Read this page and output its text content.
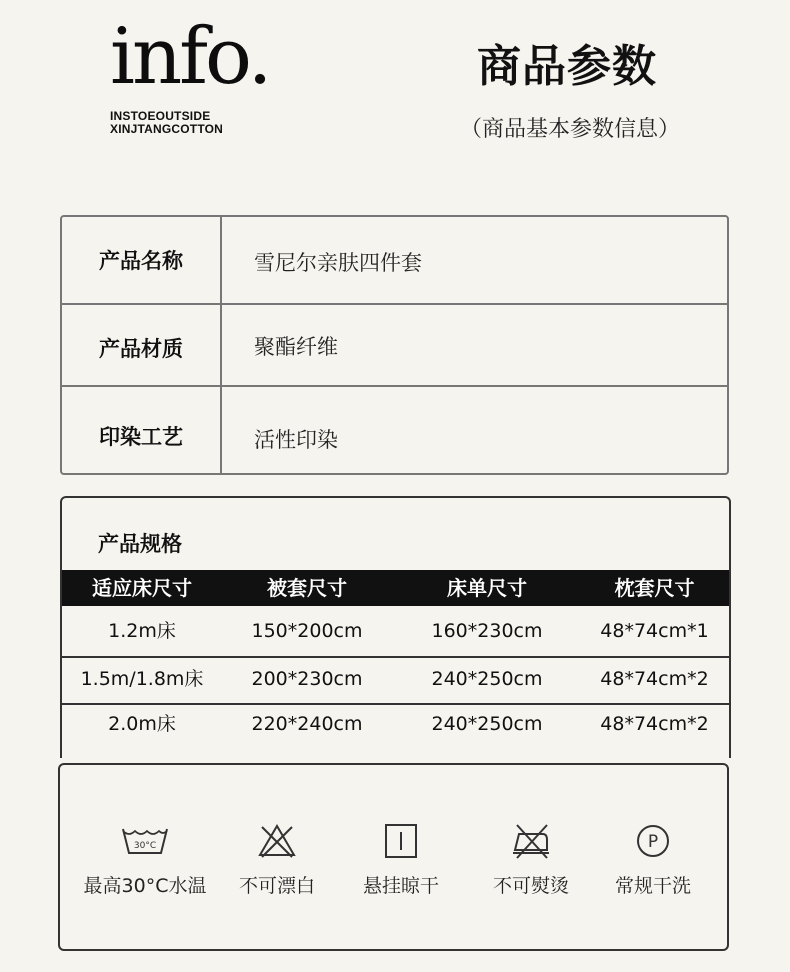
info.
INSTOEOUTSIDE
XINJTANGCOTTON
商品参数
（商品基本参数信息）
产品名称	雪尼尔亲肤四件套
产品材质	聚酯纤维
印染工艺	活性印染
产品规格
适应床尺寸	被套尺寸	床单尺寸	枕套尺寸
1.2m床	150*200cm	160*230cm	48*74cm*1
1.5m/1.8m床	200*230cm	240*250cm	48*74cm*2
2.0m床	220*240cm	240*250cm	48*74cm*2
30°C
最高30°C水温	不可漂白	悬挂晾干	不可熨烫
P
常规干洗
